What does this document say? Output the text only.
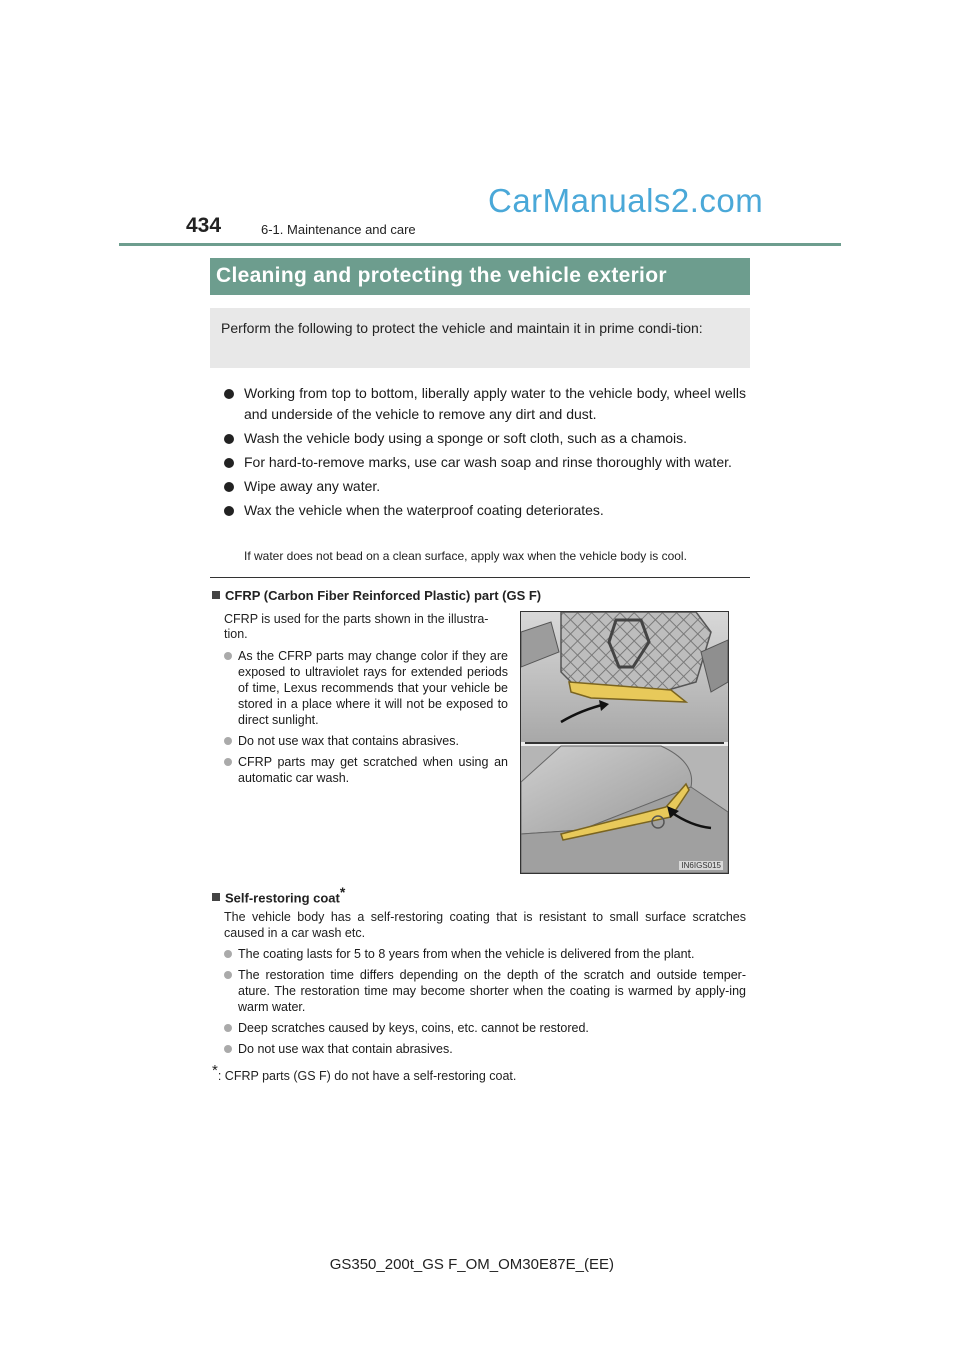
434	6-1. Maintenance and care
CarManuals2.com
Cleaning and protecting the vehicle exterior
Perform the following to protect the vehicle and maintain it in prime condi-tion:
Working from top to bottom, liberally apply water to the vehicle body, wheel wells and underside of the vehicle to remove any dirt and dust.
Wash the vehicle body using a sponge or soft cloth, such as a chamois.
For hard-to-remove marks, use car wash soap and rinse thoroughly with water.
Wipe away any water.
Wax the vehicle when the waterproof coating deteriorates.
If water does not bead on a clean surface, apply wax when the vehicle body is cool.
CFRP (Carbon Fiber Reinforced Plastic) part (GS F)
CFRP is used for the parts shown in the illustra-tion.
As the CFRP parts may change color if they are exposed to ultraviolet rays for extended periods of time, Lexus recommends that your vehicle be stored in a place where it will not be exposed to direct sunlight.
Do not use wax that contains abrasives.
CFRP parts may get scratched when using an automatic car wash.
IN6IGS015
Self-restoring coat*
The vehicle body has a self-restoring coating that is resistant to small surface scratches caused in a car wash etc.
The coating lasts for 5 to 8 years from when the vehicle is delivered from the plant.
The restoration time differs depending on the depth of the scratch and outside temper-ature. The restoration time may become shorter when the coating is warmed by apply-ing warm water.
Deep scratches caused by keys, coins, etc. cannot be restored.
Do not use wax that contain abrasives.
*: CFRP parts (GS F) do not have a self-restoring coat.
GS350_200t_GS F_OM_OM30E87E_(EE)
